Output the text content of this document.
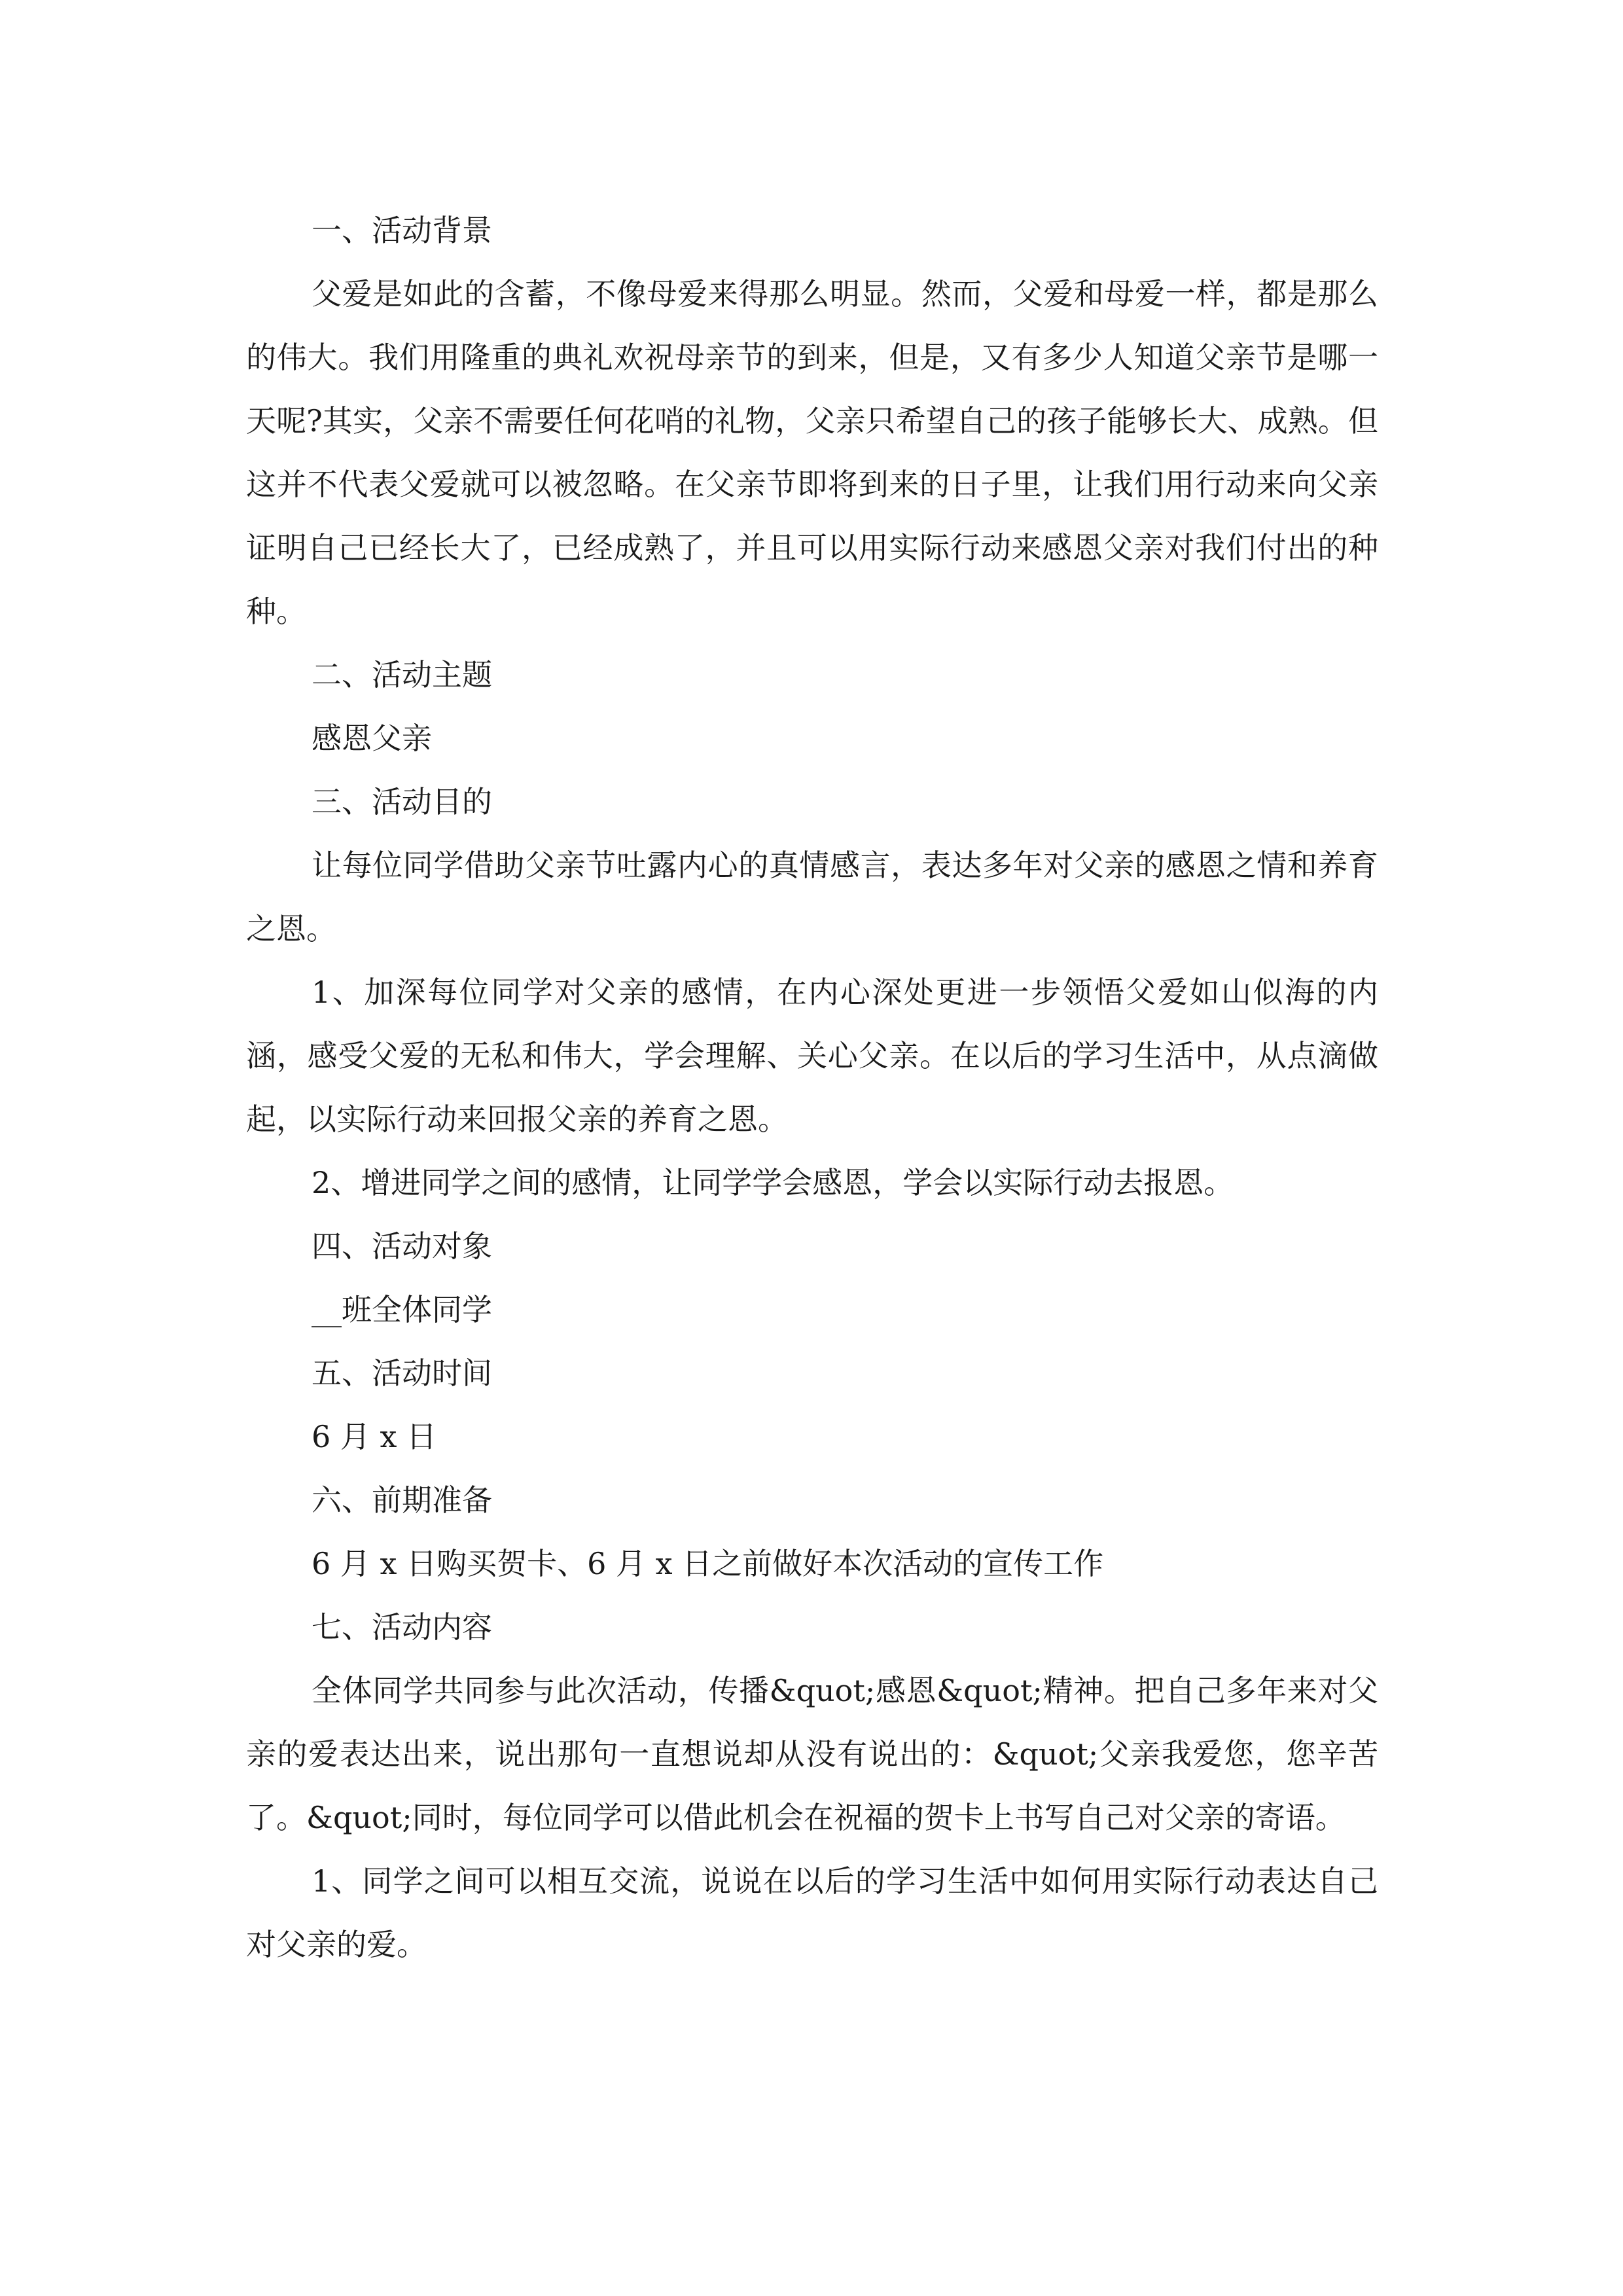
一、活动背景

父爱是如此的含蓄，不像母爱来得那么明显。然而，父爱和母爱一样，都是那么的伟大。我们用隆重的典礼欢祝母亲节的到来，但是，又有多少人知道父亲节是哪一天呢?其实，父亲不需要任何花哨的礼物，父亲只希望自己的孩子能够长大、成熟。但这并不代表父爱就可以被忽略。在父亲节即将到来的日子里，让我们用行动来向父亲证明自己已经长大了，已经成熟了，并且可以用实际行动来感恩父亲对我们付出的种种。

二、活动主题

感恩父亲

三、活动目的

让每位同学借助父亲节吐露内心的真情感言，表达多年对父亲的感恩之情和养育之恩。

1、加深每位同学对父亲的感情，在内心深处更进一步领悟父爱如山似海的内涵，感受父爱的无私和伟大，学会理解、关心父亲。在以后的学习生活中，从点滴做起，以实际行动来回报父亲的养育之恩。

2、增进同学之间的感情，让同学学会感恩，学会以实际行动去报恩。

四、活动对象

__班全体同学

五、活动时间

6 月 x 日

六、前期准备

6 月 x 日购买贺卡、6 月 x 日之前做好本次活动的宣传工作

七、活动内容

全体同学共同参与此次活动，传播&quot;感恩&quot;精神。把自己多年来对父亲的爱表达出来，说出那句一直想说却从没有说出的：&quot;父亲我爱您，您辛苦了。&quot;同时，每位同学可以借此机会在祝福的贺卡上书写自己对父亲的寄语。

1、同学之间可以相互交流，说说在以后的学习生活中如何用实际行动表达自己对父亲的爱。
